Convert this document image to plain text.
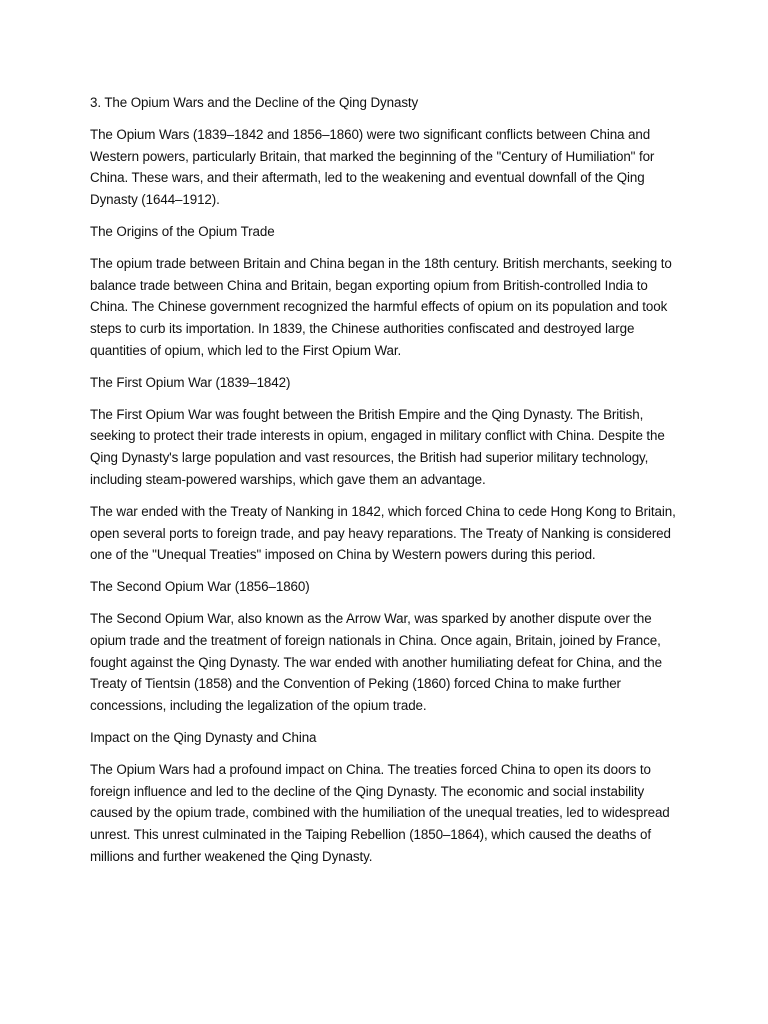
3. The Opium Wars and the Decline of the Qing Dynasty

The Opium Wars (1839–1842 and 1856–1860) were two significant conflicts between China and Western powers, particularly Britain, that marked the beginning of the "Century of Humiliation" for China. These wars, and their aftermath, led to the weakening and eventual downfall of the Qing Dynasty (1644–1912).

The Origins of the Opium Trade

The opium trade between Britain and China began in the 18th century. British merchants, seeking to balance trade between China and Britain, began exporting opium from British-controlled India to China. The Chinese government recognized the harmful effects of opium on its population and took steps to curb its importation. In 1839, the Chinese authorities confiscated and destroyed large quantities of opium, which led to the First Opium War.

The First Opium War (1839–1842)

The First Opium War was fought between the British Empire and the Qing Dynasty. The British, seeking to protect their trade interests in opium, engaged in military conflict with China. Despite the Qing Dynasty's large population and vast resources, the British had superior military technology, including steam-powered warships, which gave them an advantage.

The war ended with the Treaty of Nanking in 1842, which forced China to cede Hong Kong to Britain, open several ports to foreign trade, and pay heavy reparations. The Treaty of Nanking is considered one of the "Unequal Treaties" imposed on China by Western powers during this period.

The Second Opium War (1856–1860)

The Second Opium War, also known as the Arrow War, was sparked by another dispute over the opium trade and the treatment of foreign nationals in China. Once again, Britain, joined by France, fought against the Qing Dynasty. The war ended with another humiliating defeat for China, and the Treaty of Tientsin (1858) and the Convention of Peking (1860) forced China to make further concessions, including the legalization of the opium trade.

Impact on the Qing Dynasty and China

The Opium Wars had a profound impact on China. The treaties forced China to open its doors to foreign influence and led to the decline of the Qing Dynasty. The economic and social instability caused by the opium trade, combined with the humiliation of the unequal treaties, led to widespread unrest. This unrest culminated in the Taiping Rebellion (1850–1864), which caused the deaths of millions and further weakened the Qing Dynasty.
